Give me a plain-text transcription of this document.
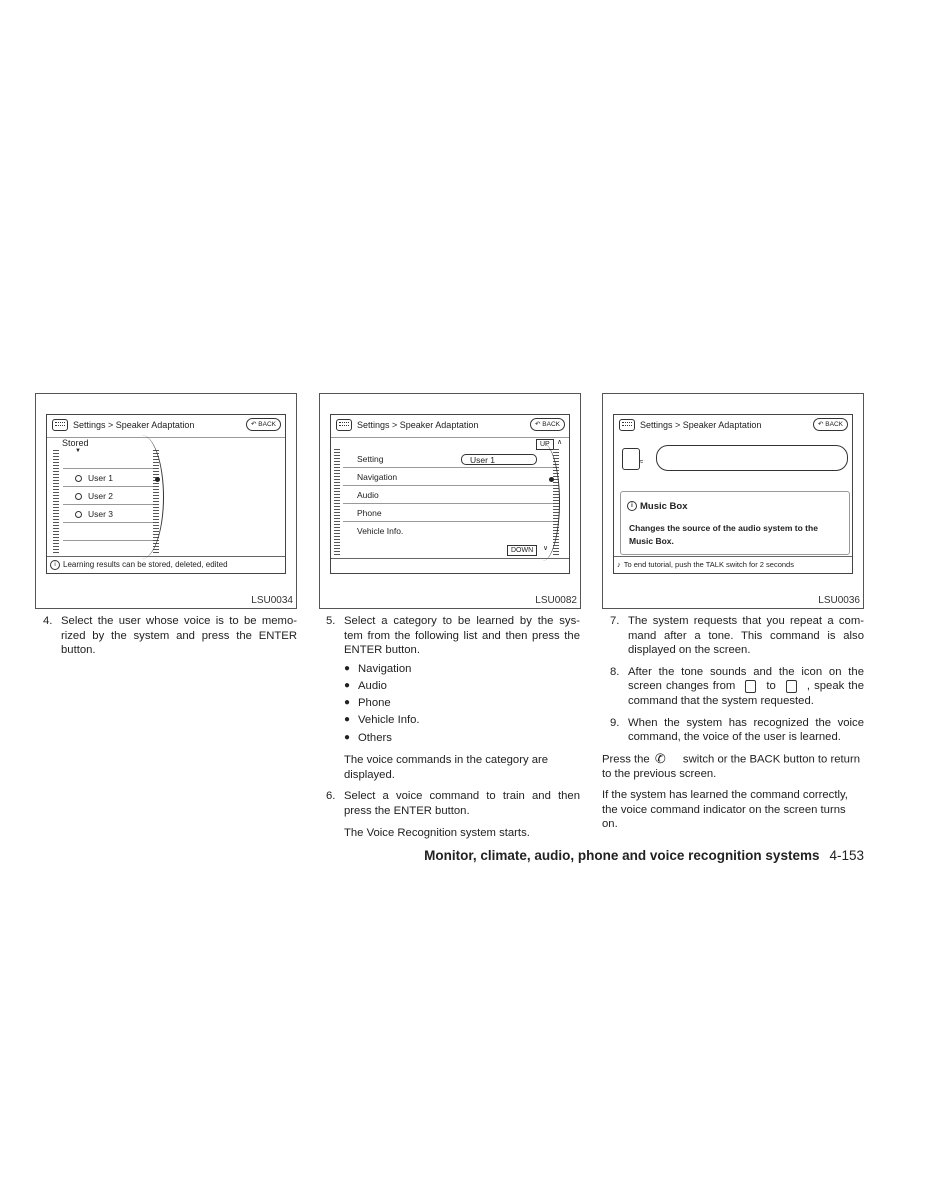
Settings > Speaker Adaptation	↶ BACK
Stored
▼
User 1
User 2
User 3
i Learning results can be stored, deleted, edited
LSU0034
Settings > Speaker Adaptation	↶ BACK
UP	∧
Setting	User 1
Navigation
Audio
Phone
Vehicle Info.
DOWN	∨
LSU0082
Settings > Speaker Adaptation	↶ BACK
≈
i Music Box
Changes the source of the audio system to the Music Box.
♪ To end tutorial, push the TALK switch for 2 seconds
LSU0036
4. Select the user whose voice is to be memo- rized by the system and press the ENTER button.
5. Select a category to be learned by the sys- tem from the following list and then press the ENTER button.
● Navigation
● Audio
● Phone
● Vehicle Info.
● Others

The voice commands in the category are displayed.

6. Select a voice command to train and then press the ENTER button.

The Voice Recognition system starts.

7. The system requests that you repeat a com- mand after a tone. This command is also displayed on the screen.
8. After the tone sounds and the icon on the screen changes from	to	, speak the command that the system requested.
9. When the system has recognized the voice command, the voice of the user is learned.

Press the ✆ switch or the BACK button to return to the previous screen.

If the system has learned the command correctly, the voice command indicator on the screen turns on.

Monitor, climate, audio, phone and voice recognition systems 4-153
